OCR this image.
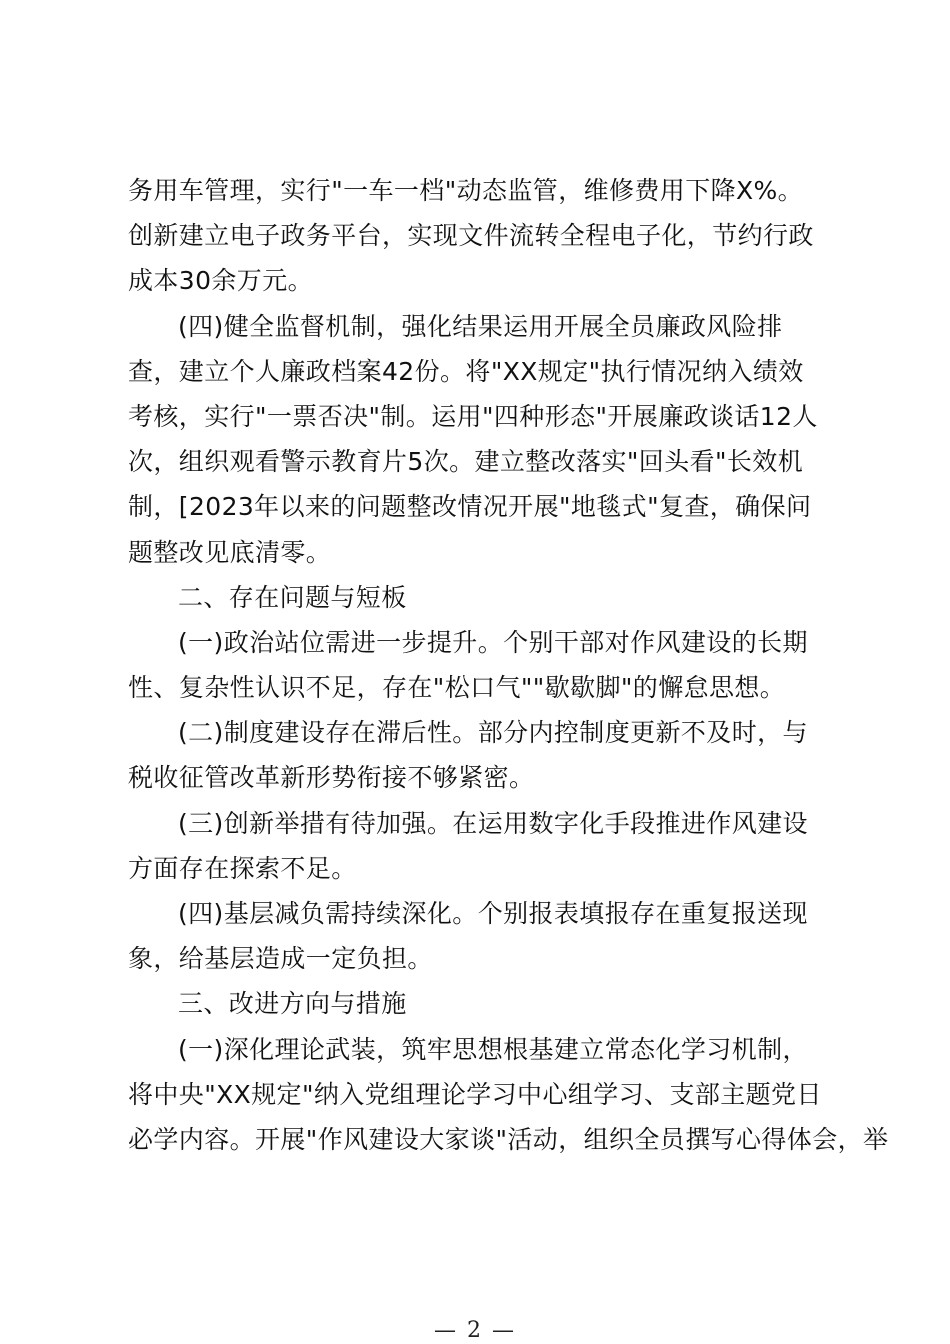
务用车管理，实行"一车一档"动态监管，维修费用下降X%。
创新建立电子政务平台，实现文件流转全程电子化，节约行政
成本30余万元。
(四)健全监督机制，强化结果运用开展全员廉政风险排
查，建立个人廉政档案42份。将"XX规定"执行情况纳入绩效
考核，实行"一票否决"制。运用"四种形态"开展廉政谈话12人
次，组织观看警示教育片5次。建立整改落实"回头看"长效机
制，[2023年以来的问题整改情况开展"地毯式"复查，确保问
题整改见底清零。
二、存在问题与短板
(一)政治站位需进一步提升。个别干部对作风建设的长期
性、复杂性认识不足，存在"松口气""歇歇脚"的懈怠思想。
(二)制度建设存在滞后性。部分内控制度更新不及时，与
税收征管改革新形势衔接不够紧密。
(三)创新举措有待加强。在运用数字化手段推进作风建设
方面存在探索不足。
(四)基层减负需持续深化。个别报表填报存在重复报送现
象，给基层造成一定负担。
三、改进方向与措施
(一)深化理论武装，筑牢思想根基建立常态化学习机制，
将中央"XX规定"纳入党组理论学习中心组学习、支部主题党日
必学内容。开展"作风建设大家谈"活动，组织全员撰写心得体会，举
— 2 —
